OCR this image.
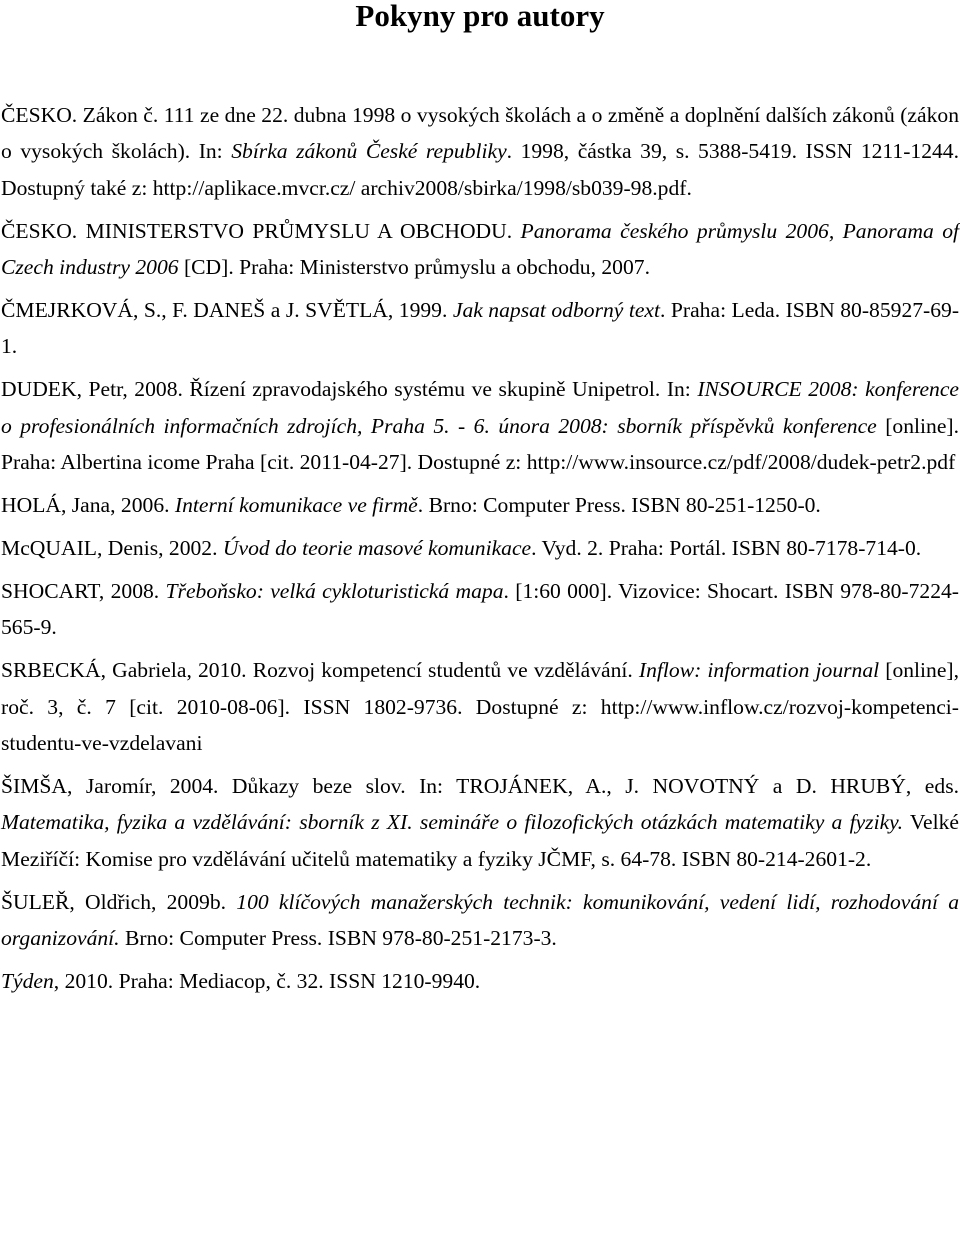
Pokyny pro autory

ČESKO. Zákon č. 111 ze dne 22. dubna 1998 o vysokých školách a o změně a doplnění dalších zákonů (zákon o vysokých školách). In: Sbírka zákonů České republiky. 1998, částka 39, s. 5388-5419. ISSN 1211-1244. Dostupný také z: http://aplikace.mvcr.cz/ archiv2008/sbirka/1998/sb039-98.pdf.

ČESKO. MINISTERSTVO PRŮMYSLU A OBCHODU. Panorama českého průmyslu 2006, Panorama of Czech industry 2006 [CD]. Praha: Ministerstvo průmyslu a obchodu, 2007.

ČMEJRKOVÁ, S., F. DANEŠ a J. SVĚTLÁ, 1999. Jak napsat odborný text. Praha: Leda. ISBN 80-85927-69-1.

DUDEK, Petr, 2008. Řízení zpravodajského systému ve skupině Unipetrol. In: INSOURCE 2008: konference o profesionálních informačních zdrojích, Praha 5. - 6. února 2008: sborník příspěvků konference [online]. Praha: Albertina icome Praha [cit. 2011-04-27]. Dostupné z: http://www.insource.cz/pdf/2008/dudek-petr2.pdf

HOLÁ, Jana, 2006. Interní komunikace ve firmě. Brno: Computer Press. ISBN 80-251-1250-0.

McQUAIL, Denis, 2002. Úvod do teorie masové komunikace. Vyd. 2. Praha: Portál. ISBN 80-7178-714-0.

SHOCART, 2008. Třeboňsko: velká cykloturistická mapa. [1:60 000]. Vizovice: Shocart. ISBN 978-80-7224-565-9.

SRBECKÁ, Gabriela, 2010. Rozvoj kompetencí studentů ve vzdělávání. Inflow: information journal [online], roč. 3, č. 7 [cit. 2010-08-06]. ISSN 1802-9736. Dostupné z: http://www.inflow.cz/rozvoj-kompetenci-studentu-ve-vzdelavani

ŠIMŠA, Jaromír, 2004. Důkazy beze slov. In: TROJÁNEK, A., J. NOVOTNÝ a D. HRUBÝ, eds. Matematika, fyzika a vzdělávání: sborník z XI. semináře o filozofických otázkách matematiky a fyziky. Velké Meziříčí: Komise pro vzdělávání učitelů matematiky a fyziky JČMF, s. 64-78. ISBN 80-214-2601-2.

ŠULEŘ, Oldřich, 2009b. 100 klíčových manažerských technik: komunikování, vedení lidí, rozhodování a organizování. Brno: Computer Press. ISBN 978-80-251-2173-3.

Týden, 2010. Praha: Mediacop, č. 32. ISSN 1210-9940.
